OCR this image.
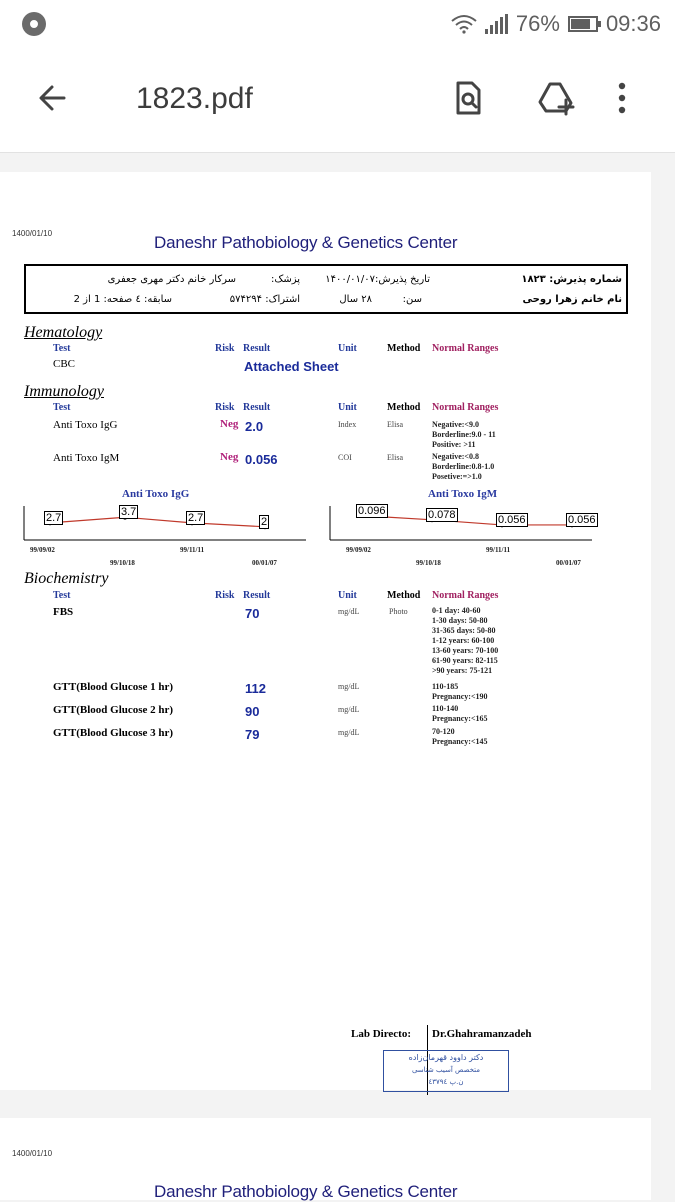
76% 09:36
1823.pdf
1400/01/10	Daneshr Pathobiology & Genetics Center
شماره پذیرش: ۱۸۲۳
تاریخ پذیرش:۱۴۰۰/۰۱/۰۷
پزشک:
سرکار خانم دکتر مهری جعفری
نام خانم زهرا روحی
سن:
۲۸ سال
اشتراک: ۵۷۴۲۹۴
سابقه: ٤ صفحه: 1 از 2
Hematology
Test	Risk Result	Unit	Method Normal Ranges
CBC	Attached Sheet
Immunology
Test	Risk Result	Unit	Method Normal Ranges
Anti Toxo IgG	Neg 2.0	Index	Elisa	Negative:<9.0
Borderline:9.0 - 11
Positive: >11
Anti Toxo IgM	Neg 0.056	COI	Elisa	Negative:<0.8
Borderline:0.8-1.0
Posetive:=>1.0
Anti Toxo IgG	Anti Toxo IgM
2.7
99/09/02
3.7
99/10/18
2.7
99/11/11
2
00/01/07
0.096
99/09/02
0.078
99/10/18
0.056
99/11/11
0.056
00/01/07
Biochemistry
Test	Risk Result	Unit	Method Normal Ranges
FBS	70	mg/dL	Photo	0-1 day: 40-60
1-30 days: 50-80
31-365 days: 50-80
1-12 years: 60-100
13-60 years: 70-100
61-90 years: 82-115
>90 years: 75-121
GTT(Blood Glucose 1 hr)	112	mg/dL	110-185
Pregnancy:<190
GTT(Blood Glucose 2 hr)	90	mg/dL	110-140
Pregnancy:<165
GTT(Blood Glucose 3 hr)	79	mg/dL	70-120
Pregnancy:<145
Lab Directo: Dr.Ghahramanzadeh
دکتر داوود قهرمان‌زاده
متخصص آسیب شناسی
ن.پ ٤٣٧٩٤
1400/01/10
Daneshr Pathobiology & Genetics Center
